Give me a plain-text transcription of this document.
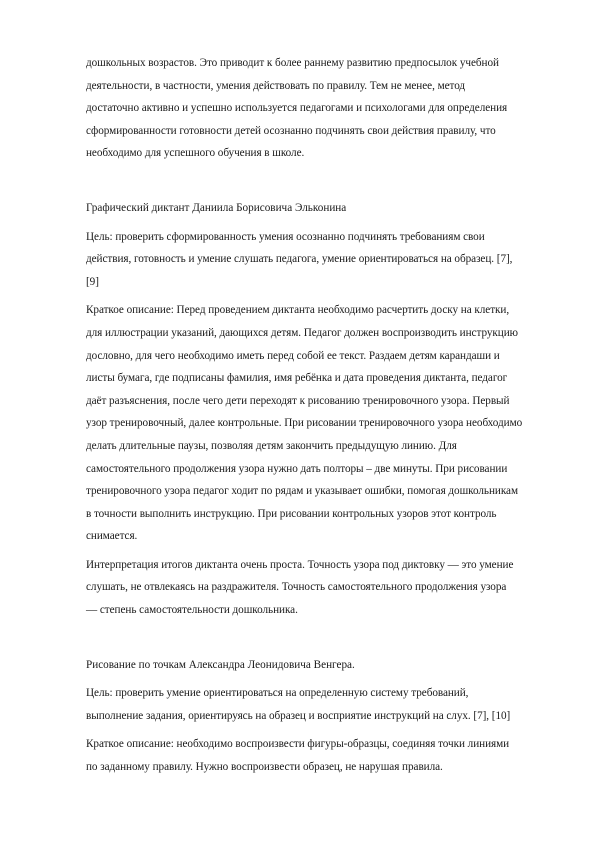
дошкольных возрастов. Это приводит к более раннему развитию предпосылок учебной
деятельности, в частности, умения действовать по правилу. Тем не менее, метод
достаточно активно и успешно используется педагогами и психологами для определения
сформированности готовности детей осознанно подчинять свои действия правилу, что
необходимо для успешного обучения в школе.

Графический диктант Даниила Борисовича Эльконина

Цель: проверить сформированность умения осознанно подчинять требованиям свои
действия, готовность и умение слушать педагога, умение ориентироваться на образец. [7],
[9]

Краткое описание: Перед проведением диктанта необходимо расчертить доску на клетки,
для иллюстрации указаний, дающихся детям. Педагог должен воспроизводить инструкцию
дословно, для чего необходимо иметь перед собой ее текст. Раздаем детям карандаши и
листы бумага, где подписаны фамилия, имя ребёнка и дата проведения диктанта, педагог
даёт разъяснения, после чего дети переходят к рисованию тренировочного узора. Первый
узор тренировочный, далее контрольные. При рисовании тренировочного узора необходимо
делать длительные паузы, позволяя детям закончить предыдущую линию. Для
самостоятельного продолжения узора нужно дать полторы – две минуты. При рисовании
тренировочного узора педагог ходит по рядам и указывает ошибки, помогая дошкольникам
в точности выполнить инструкцию. При рисовании контрольных узоров этот контроль
снимается.

Интерпретация итогов диктанта очень проста. Точность узора под диктовку — это умение
слушать, не отвлекаясь на раздражителя. Точность самостоятельного продолжения узора
— степень самостоятельности дошкольника.

Рисование по точкам Александра Леонидовича Венгера.

Цель: проверить умение ориентироваться на определенную систему требований,
выполнение задания, ориентируясь на образец и восприятие инструкций на слух. [7], [10]

Краткое описание: необходимо воспроизвести фигуры-образцы, соединяя точки линиями
по заданному правилу. Нужно воспроизвести образец, не нарушая правила.
